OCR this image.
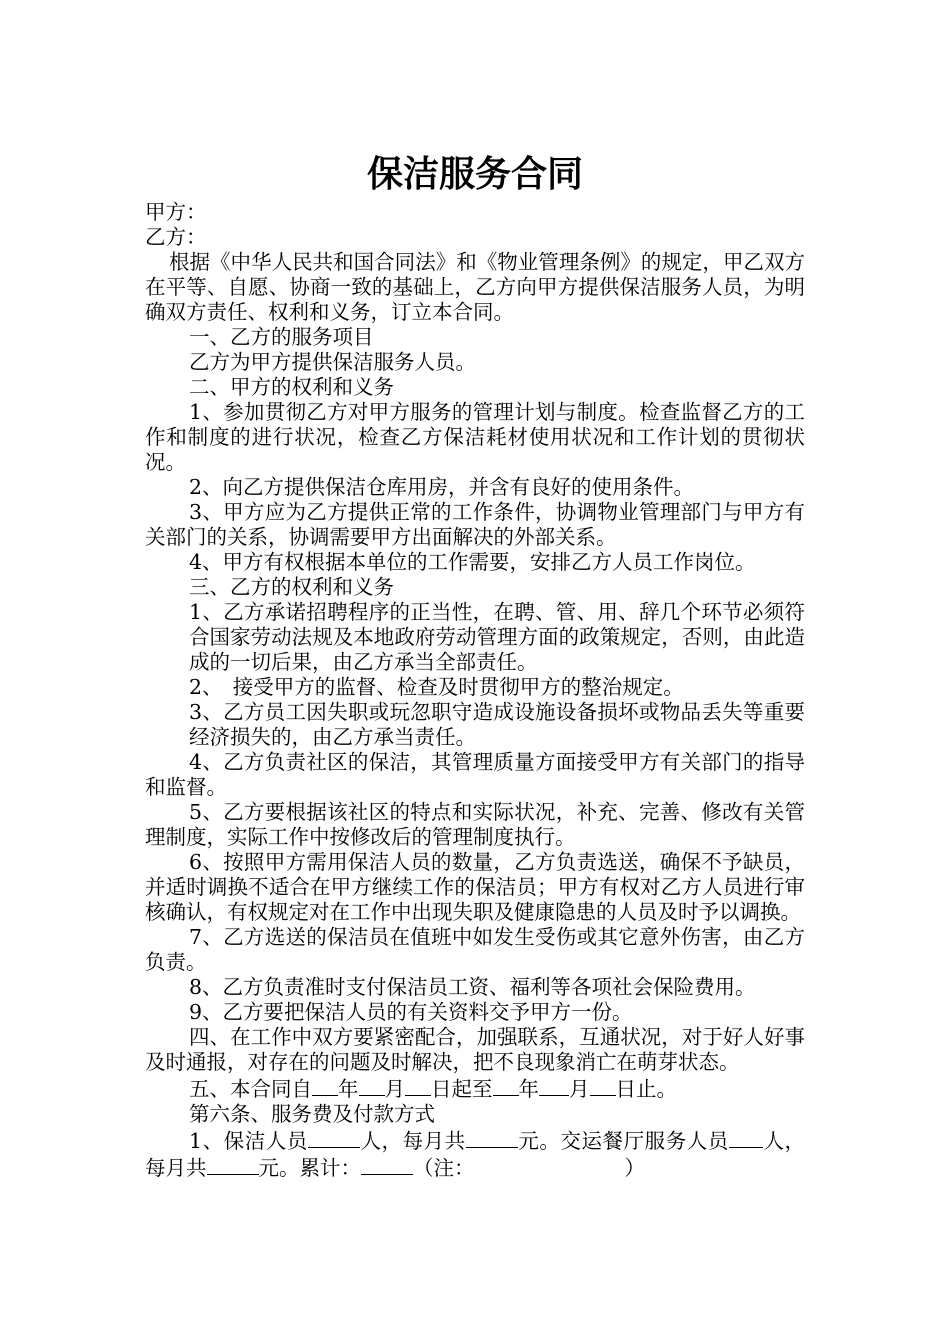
保洁服务合同

甲方：

乙方：

根据《中华人民共和国合同法》和《物业管理条例》的规定，甲乙双方在平等、自愿、协商一致的基础上，乙方向甲方提供保洁服务人员，为明确双方责任、权利和义务，订立本合同。

一、乙方的服务项目

乙方为甲方提供保洁服务人员。

二、甲方的权利和义务

1、参加贯彻乙方对甲方服务的管理计划与制度。检查监督乙方的工作和制度的进行状况，检查乙方保洁耗材使用状况和工作计划的贯彻状况。

2、向乙方提供保洁仓库用房，并含有良好的使用条件。

3、甲方应为乙方提供正常的工作条件，协调物业管理部门与甲方有关部门的关系，协调需要甲方出面解决的外部关系。

4、甲方有权根据本单位的工作需要，安排乙方人员工作岗位。

三、乙方的权利和义务

1、乙方承诺招聘程序的正当性，在聘、管、用、辞几个环节必须符合国家劳动法规及本地政府劳动管理方面的政策规定，否则，由此造成的一切后果，由乙方承当全部责任。

2、　接受甲方的监督、检查及时贯彻甲方的整治规定。

3、乙方员工因失职或玩忽职守造成设施设备损坏或物品丢失等重要经济损失的，由乙方承当责任。

4、乙方负责社区的保洁，其管理质量方面接受甲方有关部门的指导和监督。

5、乙方要根据该社区的特点和实际状况，补充、完善、修改有关管理制度，实际工作中按修改后的管理制度执行。

6、按照甲方需用保洁人员的数量，乙方负责选送，确保不予缺员，并适时调换不适合在甲方继续工作的保洁员；甲方有权对乙方人员进行审核确认，有权规定对在工作中出现失职及健康隐患的人员及时予以调换。

7、乙方选送的保洁员在值班中如发生受伤或其它意外伤害，由乙方负责。

8、乙方负责准时支付保洁员工资、福利等各项社会保险费用。

9、乙方要把保洁人员的有关资料交予甲方一份。

四、在工作中双方要紧密配合，加强联系，互通状况，对于好人好事及时通报，对存在的问题及时解决，把不良现象消亡在萌芽状态。

五、本合同自 年 月 日起至 年 月 日止。

第六条、服务费及付款方式

1、保洁人员	人，每月共	元。交运餐厅服务人员 人，每月共	元。累计：	（注：	）
